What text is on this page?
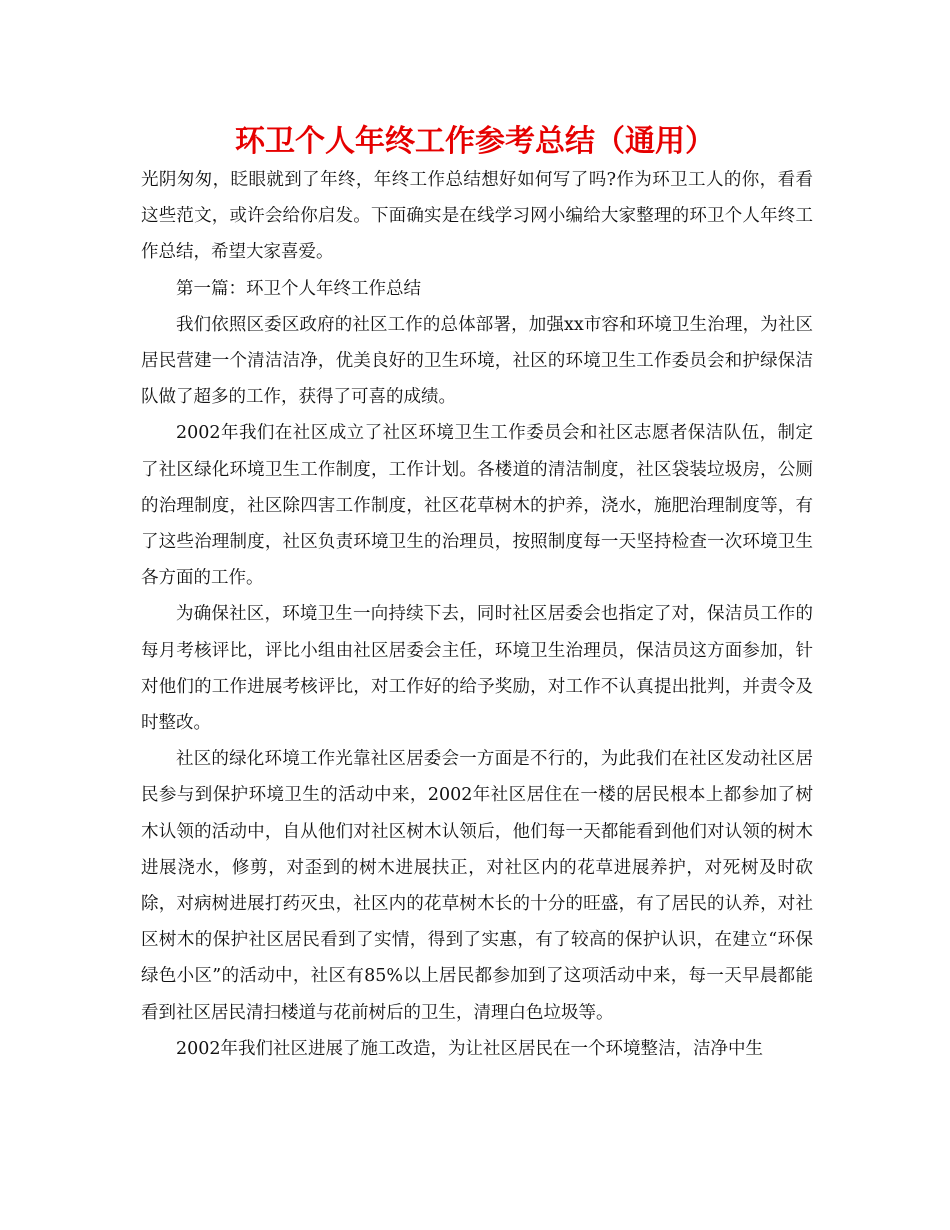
环卫个人年终工作参考总结（通用）

光阴匆匆，眨眼就到了年终，年终工作总结想好如何写了吗?作为环卫工人的你，看看这些范文，或许会给你启发。下面确实是在线学习网小编给大家整理的环卫个人年终工作总结，希望大家喜爱。

第一篇：环卫个人年终工作总结

我们依照区委区政府的社区工作的总体部署，加强xx市容和环境卫生治理，为社区居民营建一个清洁洁净，优美良好的卫生环境，社区的环境卫生工作委员会和护绿保洁队做了超多的工作，获得了可喜的成绩。

2002年我们在社区成立了社区环境卫生工作委员会和社区志愿者保洁队伍，制定了社区绿化环境卫生工作制度，工作计划。各楼道的清洁制度，社区袋装垃圾房，公厕的治理制度，社区除四害工作制度，社区花草树木的护养，浇水，施肥治理制度等，有了这些治理制度，社区负责环境卫生的治理员，按照制度每一天坚持检查一次环境卫生各方面的工作。

为确保社区，环境卫生一向持续下去，同时社区居委会也指定了对，保洁员工作的每月考核评比，评比小组由社区居委会主任，环境卫生治理员，保洁员这方面参加，针对他们的工作进展考核评比，对工作好的给予奖励，对工作不认真提出批判，并责令及时整改。

社区的绿化环境工作光靠社区居委会一方面是不行的，为此我们在社区发动社区居民参与到保护环境卫生的活动中来，2002年社区居住在一楼的居民根本上都参加了树木认领的活动中，自从他们对社区树木认领后，他们每一天都能看到他们对认领的树木进展浇水，修剪，对歪到的树木进展扶正，对社区内的花草进展养护，对死树及时砍除，对病树进展打药灭虫，社区内的花草树木长的十分的旺盛，有了居民的认养，对社区树木的保护社区居民看到了实情，得到了实惠，有了较高的保护认识，在建立“环保绿色小区”的活动中，社区有85%以上居民都参加到了这项活动中来，每一天早晨都能看到社区居民清扫楼道与花前树后的卫生，清理白色垃圾等。

2002年我们社区进展了施工改造，为让社区居民在一个环境整洁，洁净中生
